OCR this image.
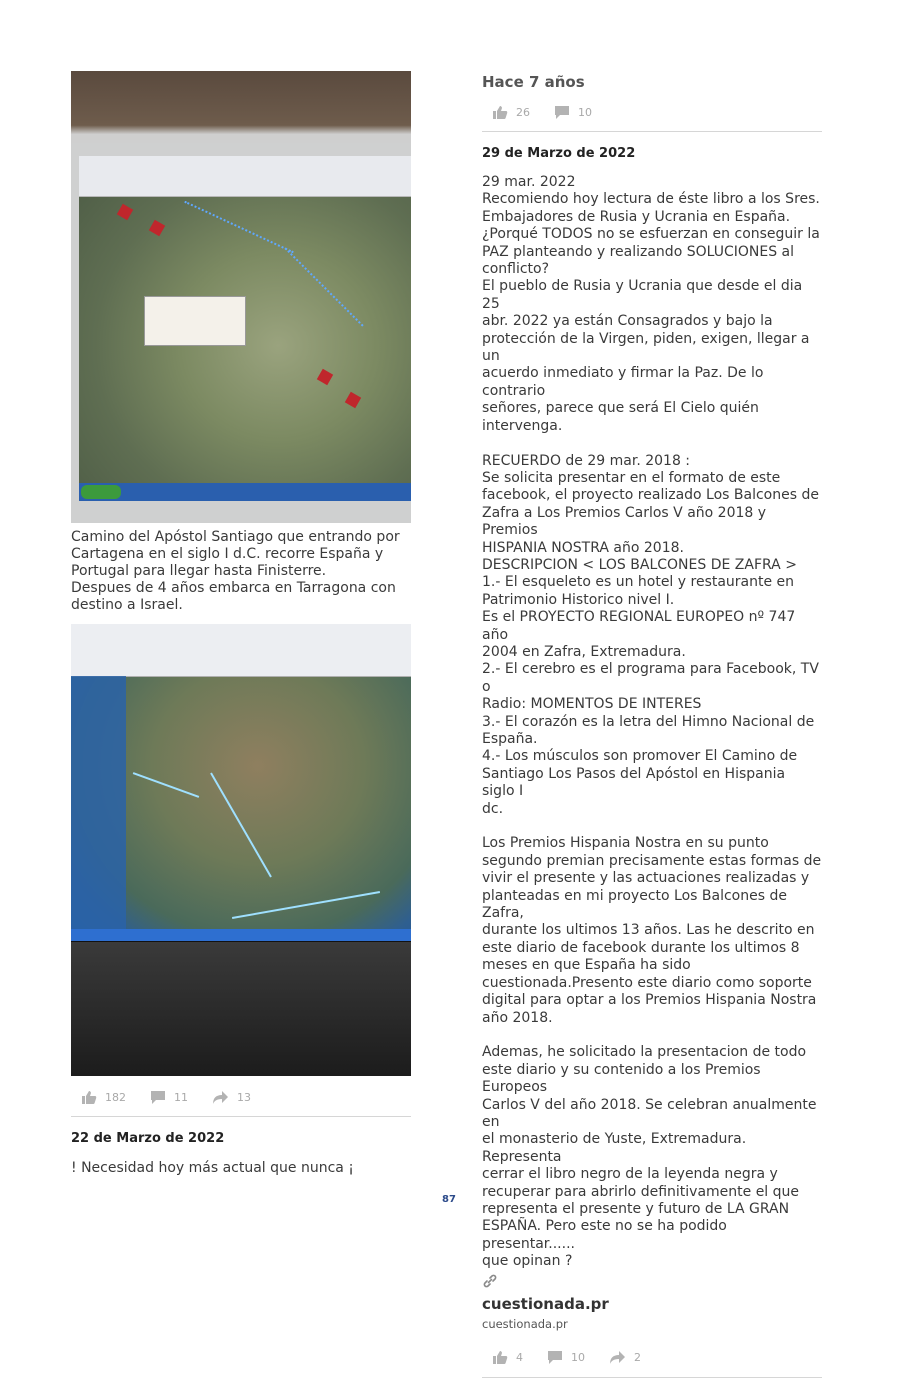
Camino del Apóstol Santiago que entrando por
Cartagena en el siglo I d.C. recorre España y
Portugal para llegar hasta Finisterre.
Despues de 4 años embarca en Tarragona con
destino a Israel.

182	11	13

22 de Marzo de 2022

! Necesidad hoy más actual que nunca ¡

Hace 7 años

26	10

29 de Marzo de 2022

29 mar. 2022
Recomiendo hoy lectura de éste libro a los Sres.
Embajadores de Rusia y Ucrania en España.
¿Porqué TODOS no se esfuerzan en conseguir la
PAZ planteando y realizando SOLUCIONES al
conflicto?
El pueblo de Rusia y Ucrania que desde el dia 25
abr. 2022 ya están Consagrados y bajo la
protección de la Virgen, piden, exigen, llegar a un
acuerdo inmediato y firmar la Paz. De lo contrario
señores, parece que será El Cielo quién
intervenga.

RECUERDO de 29 mar. 2018 :
Se solicita presentar en el formato de este
facebook, el proyecto realizado Los Balcones de
Zafra a Los Premios Carlos V año 2018 y Premios
HISPANIA NOSTRA año 2018.
DESCRIPCION < LOS BALCONES DE ZAFRA >
1.- El esqueleto es un hotel y restaurante en
Patrimonio Historico nivel I.
Es el PROYECTO REGIONAL EUROPEO nº 747 año
2004 en Zafra, Extremadura.
2.- El cerebro es el programa para Facebook, TV o
Radio: MOMENTOS DE INTERES
3.- El corazón es la letra del Himno Nacional de
España.
4.- Los músculos son promover El Camino de
Santiago Los Pasos del Apóstol en Hispania siglo I
dc.

Los Premios Hispania Nostra en su punto
segundo premian precisamente estas formas de
vivir el presente y las actuaciones realizadas y
planteadas en mi proyecto Los Balcones de Zafra,
durante los ultimos 13 años. Las he descrito en
este diario de facebook durante los ultimos 8
meses en que España ha sido
cuestionada.Presento este diario como soporte
digital para optar a los Premios Hispania Nostra
año 2018.

Ademas, he solicitado la presentacion de todo
este diario y su contenido a los Premios Europeos
Carlos V del año 2018. Se celebran anualmente en
el monasterio de Yuste, Extremadura. Representa
cerrar el libro negro de la leyenda negra y
recuperar para abrirlo definitivamente el que
representa el presente y futuro de LA GRAN
ESPAÑA. Pero este no se ha podido presentar......
que opinan ?

cuestionada.pr

cuestionada.pr

4	10	2
87
